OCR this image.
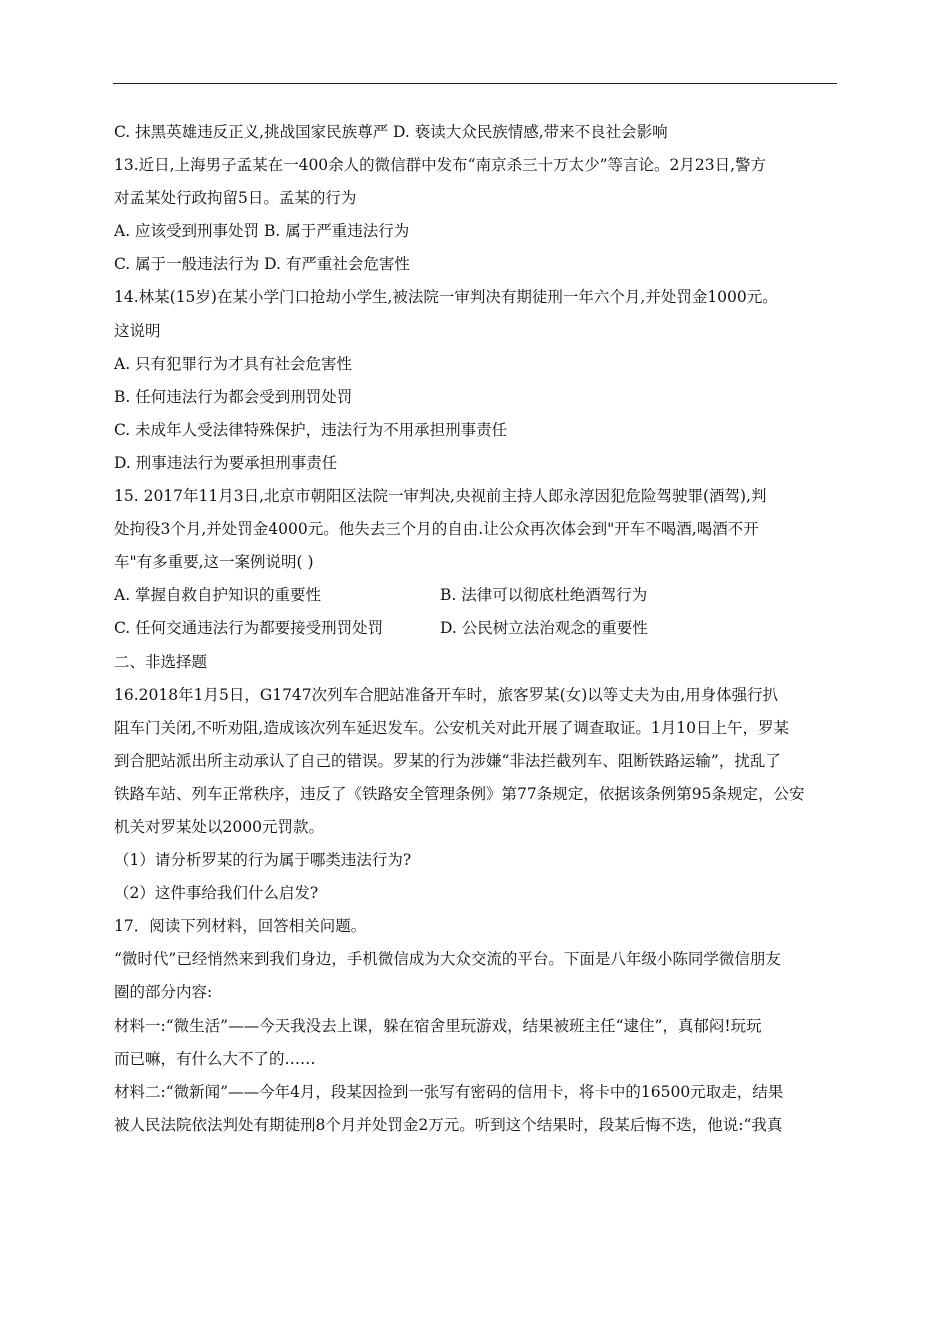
C. 抹黑英雄违反正义,挑战国家民族尊严 D. 亵读大众民族情感,带来不良社会影响
13.近日,上海男子孟某在一400余人的微信群中发布“南京杀三十万太少”等言论。2月23日,警方
对孟某处行政拘留5日。孟某的行为
A. 应该受到刑事处罚 B. 属于严重违法行为
C. 属于一般违法行为 D. 有严重社会危害性
14.林某(15岁)在某小学门口抢劫小学生,被法院一审判决有期徒刑一年六个月,并处罚金1000元。
这说明
A. 只有犯罪行为才具有社会危害性
B. 任何违法行为都会受到刑罚处罚
C. 未成年人受法律特殊保护，违法行为不用承担刑事责任
D. 刑事违法行为要承担刑事责任
15. 2017年11月3日,北京市朝阳区法院一审判决,央视前主持人郎永淳因犯危险驾驶罪(酒驾),判
处拘役3个月,并处罚金4000元。他失去三个月的自由.让公众再次体会到"开车不喝酒,喝酒不开
车"有多重要,这一案例说明( )
A. 掌握自救自护知识的重要性	B. 法律可以彻底杜绝酒驾行为
C. 任何交通违法行为都要接受刑罚处罚	D. 公民树立法治观念的重要性
二、非选择题
16.2018年1月5日，G1747次列车合肥站准备开车时，旅客罗某(女)以等丈夫为由,用身体强行扒
阻车门关闭,不听劝阻,造成该次列车延迟发车。公安机关对此开展了调查取证。1月10日上午，罗某
到合肥站派出所主动承认了自己的错误。罗某的行为涉嫌“非法拦截列车、阻断铁路运输”，扰乱了
铁路车站、列车正常秩序，违反了《铁路安全管理条例》第77条规定，依据该条例第95条规定，公安
机关对罗某处以2000元罚款。
（1）请分析罗某的行为属于哪类违法行为?
（2）这件事给我们什么启发?
17．阅读下列材料，回答相关问题。
“微时代”已经悄然来到我们身边，手机微信成为大众交流的平台。下面是八年级小陈同学微信朋友
圈的部分内容:
材料一:“微生活”——今天我没去上课，躲在宿舍里玩游戏，结果被班主任“逮住”，真郁闷!玩玩
而已嘛，有什么大不了的……
材料二:“微新闻”——今年4月，段某因捡到一张写有密码的信用卡，将卡中的16500元取走，结果
被人民法院依法判处有期徒刑8个月并处罚金2万元。听到这个结果时，段某后悔不迭，他说:“我真
